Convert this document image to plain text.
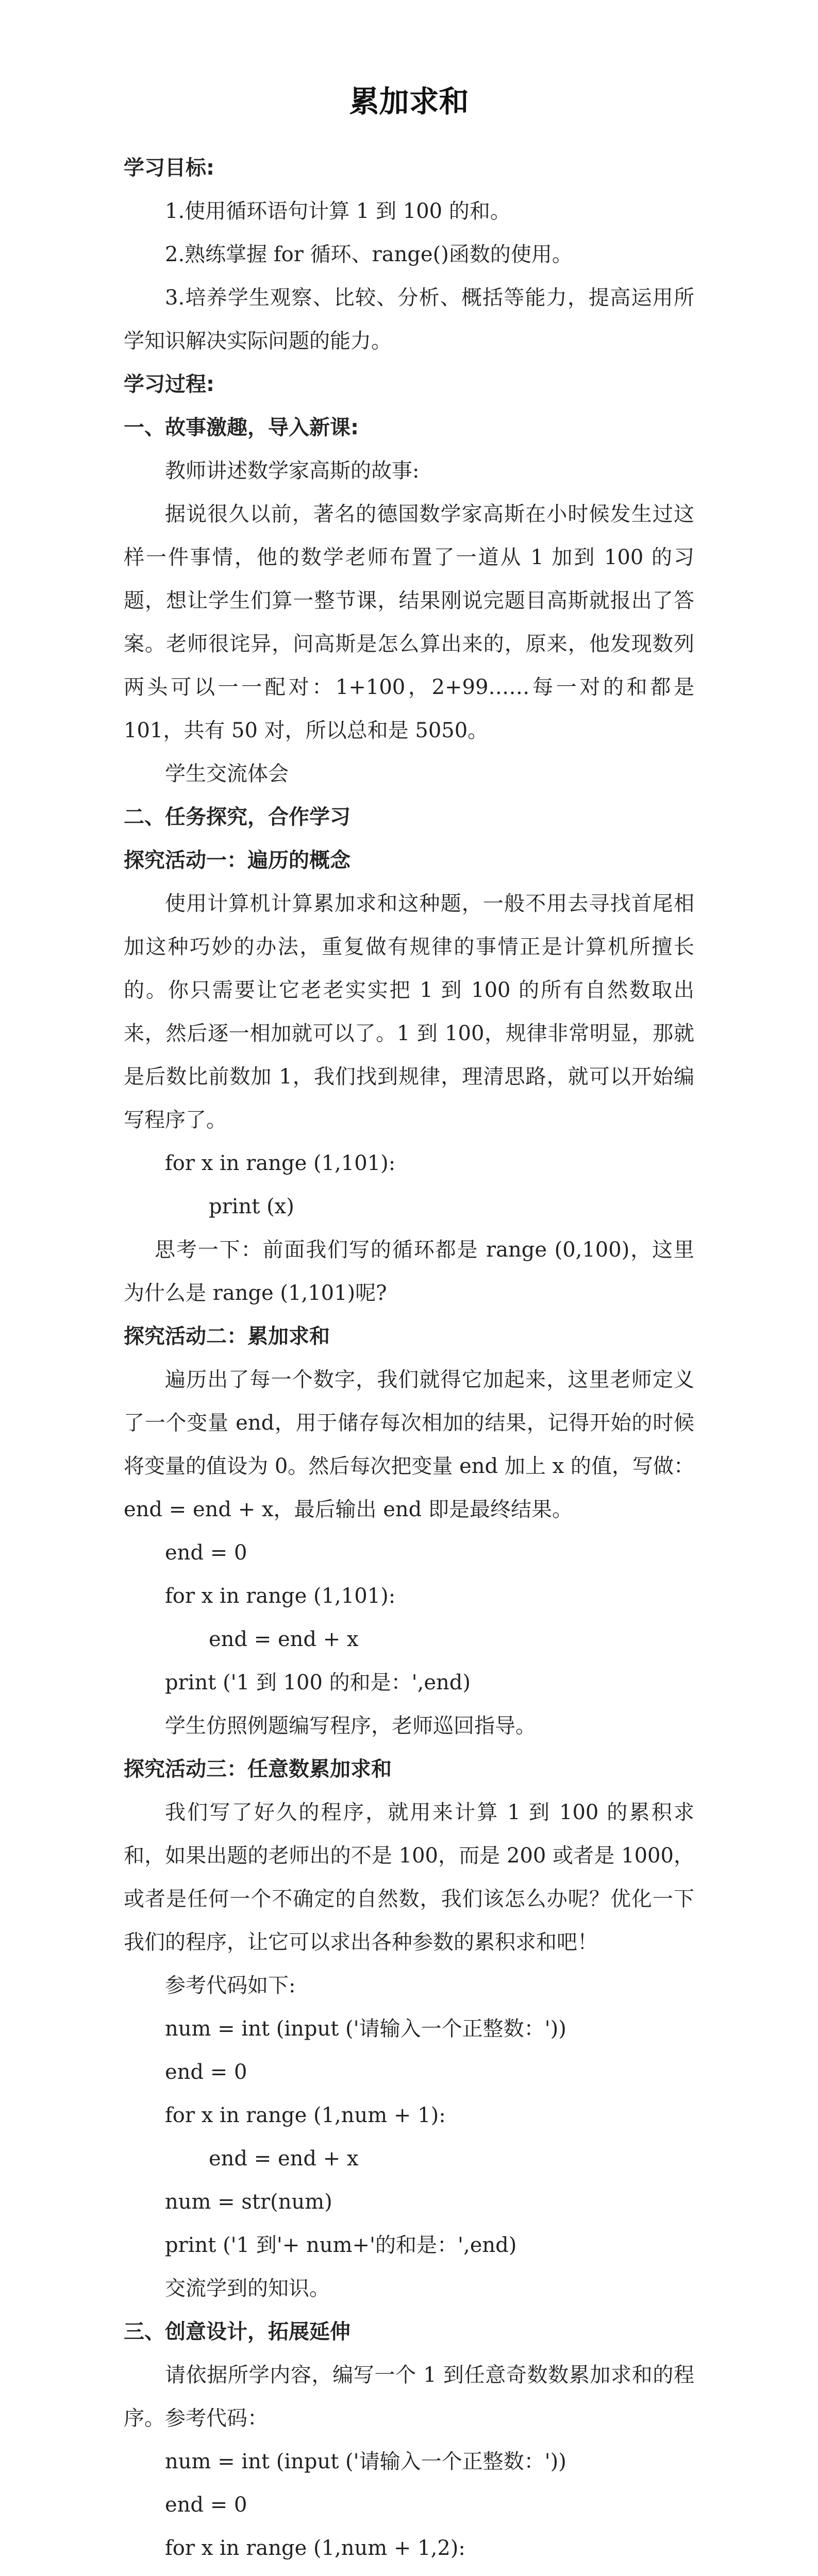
累加求和
学习目标:
1.使用循环语句计算 1 到 100 的和。
2.熟练掌握 for 循环、range()函数的使用。

3.培养学生观察、比较、分析、概括等能力，提高运用所学知识解决实际问题的能力。

学习过程:
一、故事激趣，导入新课:
教师讲述数学家高斯的故事:

据说很久以前，著名的德国数学家高斯在小时候发生过这样一件事情，他的数学老师布置了一道从 1 加到 100 的习题，想让学生们算一整节课，结果刚说完题目高斯就报出了答案。老师很诧异，问高斯是怎么算出来的，原来，他发现数列两头可以一一配对：1+100，2+99……每一对的和都是 101，共有 50 对，所以总和是 5050。

学生交流体会
二、任务探究，合作学习
探究活动一：遍历的概念

使用计算机计算累加求和这种题，一般不用去寻找首尾相加这种巧妙的办法，重复做有规律的事情正是计算机所擅长的。你只需要让它老老实实把 1 到 100 的所有自然数取出来，然后逐一相加就可以了。1 到 100，规律非常明显，那就是后数比前数加 1，我们找到规律，理清思路，就可以开始编写程序了。

for x in range (1,101):
print (x)

思考一下：前面我们写的循环都是 range (0,100)，这里为什么是 range (1,101)呢?

探究活动二：累加求和

遍历出了每一个数字，我们就得它加起来，这里老师定义了一个变量 end，用于储存每次相加的结果，记得开始的时候将变量的值设为 0。然后每次把变量 end 加上 x 的值，写做：end = end + x，最后输出 end 即是最终结果。

end = 0
for x in range (1,101):
end = end + x
print ('1 到 100 的和是：',end)
学生仿照例题编写程序，老师巡回指导。
探究活动三：任意数累加求和

我们写了好久的程序，就用来计算 1 到 100 的累积求和，如果出题的老师出的不是 100，而是 200 或者是 1000，或者是任何一个不确定的自然数，我们该怎么办呢？优化一下我们的程序，让它可以求出各种参数的累积求和吧！

参考代码如下:
num = int (input ('请输入一个正整数：'))
end = 0
for x in range (1,num + 1):
end = end + x
num = str(num)
print ('1 到'+ num+'的和是：',end)
交流学到的知识。
三、创意设计，拓展延伸

请依据所学内容，编写一个 1 到任意奇数数累加求和的程序。参考代码：

num = int (input ('请输入一个正整数：'))
end = 0
for x in range (1,num + 1,2):
